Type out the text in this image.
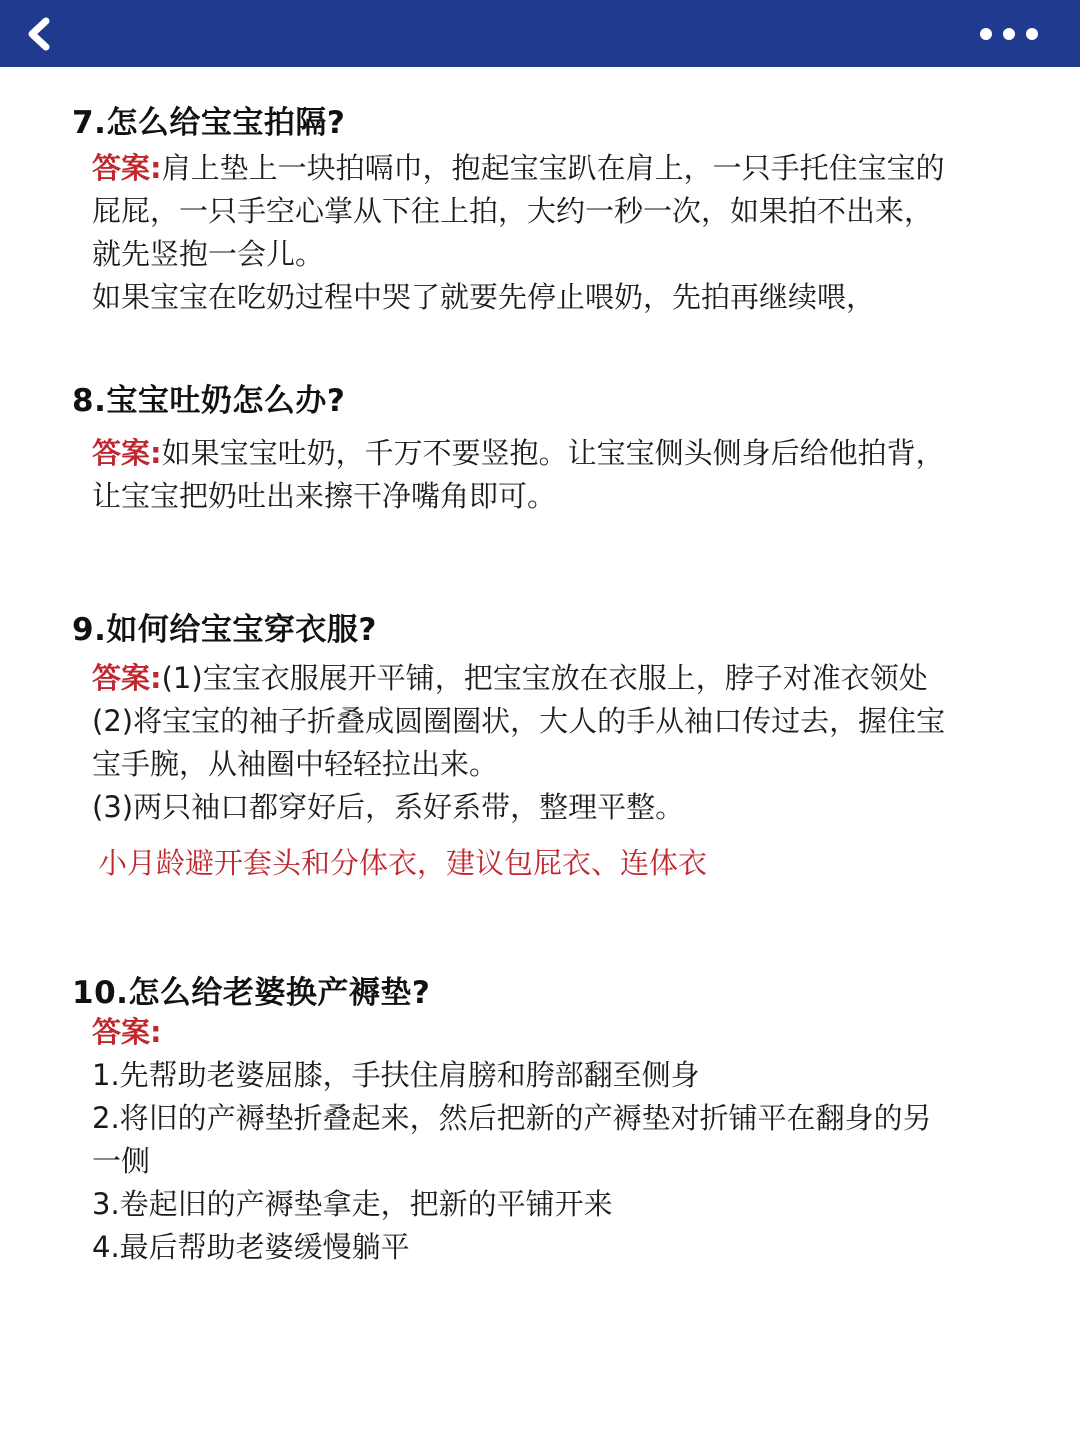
7.怎么给宝宝拍隔?

答案:肩上垫上一块拍嗝巾，抱起宝宝趴在肩上，一只手托住宝宝的屁屁，一只手空心掌从下往上拍，大约一秒一次，如果拍不出来，就先竖抱一会儿。

如果宝宝在吃奶过程中哭了就要先停止喂奶，先拍再继续喂，

8.宝宝吐奶怎么办?

答案:如果宝宝吐奶，千万不要竖抱。让宝宝侧头侧身后给他拍背，让宝宝把奶吐出来擦干净嘴角即可。

9.如何给宝宝穿衣服?

答案:(1)宝宝衣服展开平铺，把宝宝放在衣服上，脖子对准衣领处(2)将宝宝的袖子折叠成圆圈圈状，大人的手从袖口传过去，握住宝宝手腕，从袖圈中轻轻拉出来。

(3)两只袖口都穿好后，系好系带，整理平整。

小月龄避开套头和分体衣，建议包屁衣、连体衣
10.怎么给老婆换产褥垫?

答案:

1.先帮助老婆屈膝，手扶住肩膀和胯部翻至侧身

2.将旧的产褥垫折叠起来，然后把新的产褥垫对折铺平在翻身的另一侧

3.卷起旧的产褥垫拿走，把新的平铺开来

4.最后帮助老婆缓慢躺平
